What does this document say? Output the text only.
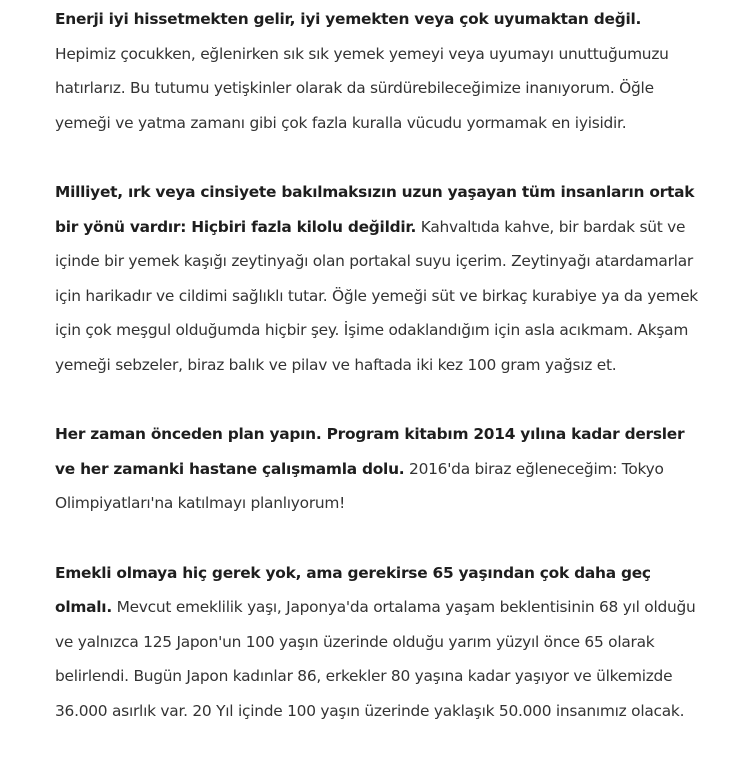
Enerji iyi hissetmekten gelir, iyi yemekten veya çok uyumaktan değil. Hepimiz çocukken, eğlenirken sık sık yemek yemeyi veya uyumayı unuttuğumuzu hatırlarız. Bu tutumu yetişkinler olarak da sürdürebileceğimize inanıyorum. Öğle yemeği ve yatma zamanı gibi çok fazla kuralla vücudu yormamak en iyisidir.

Milliyet, ırk veya cinsiyete bakılmaksızın uzun yaşayan tüm insanların ortak bir yönü vardır: Hiçbiri fazla kilolu değildir. Kahvaltıda kahve, bir bardak süt ve içinde bir yemek kaşığı zeytinyağı olan portakal suyu içerim. Zeytinyağı atardamarlar için harikadır ve cildimi sağlıklı tutar. Öğle yemeği süt ve birkaç kurabiye ya da yemek için çok meşgul olduğumda hiçbir şey. İşime odaklandığım için asla acıkmam. Akşam yemeği sebzeler, biraz balık ve pilav ve haftada iki kez 100 gram yağsız et.

Her zaman önceden plan yapın. Program kitabım 2014 yılına kadar dersler ve her zamanki hastane çalışmamla dolu. 2016'da biraz eğleneceğim: Tokyo Olimpiyatları'na katılmayı planlıyorum!

Emekli olmaya hiç gerek yok, ama gerekirse 65 yaşından çok daha geç olmalı. Mevcut emeklilik yaşı, Japonya'da ortalama yaşam beklentisinin 68 yıl olduğu ve yalnızca 125 Japon'un 100 yaşın üzerinde olduğu yarım yüzyıl önce 65 olarak belirlendi. Bugün Japon kadınlar 86, erkekler 80 yaşına kadar yaşıyor ve ülkemizde 36.000 asırlık var. 20 Yıl içinde 100 yaşın üzerinde yaklaşık 50.000 insanımız olacak.
